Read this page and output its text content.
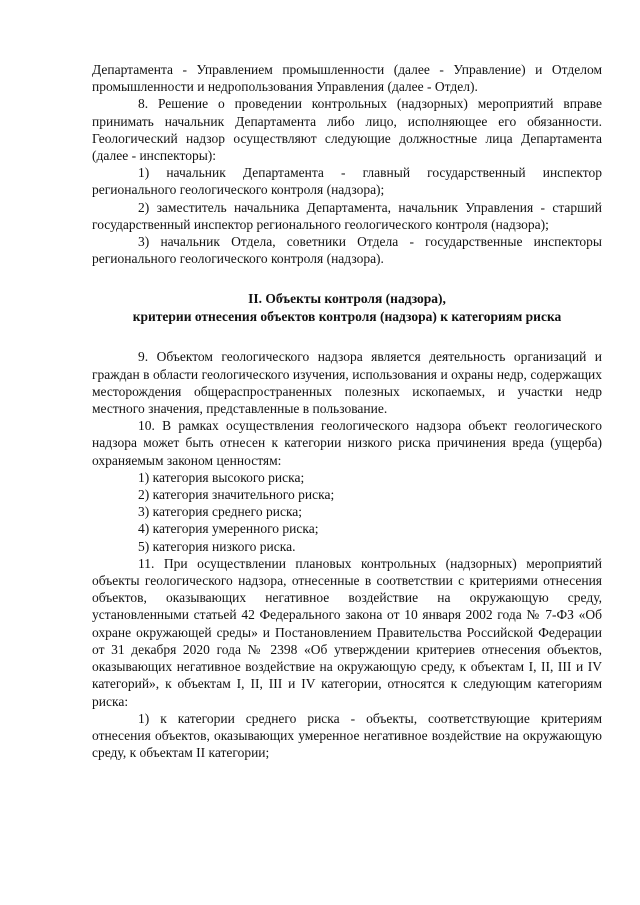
Департамента - Управлением промышленности (далее - Управление) и Отделом промышленности и недропользования Управления (далее - Отдел).

8. Решение о проведении контрольных (надзорных) мероприятий вправе принимать начальник Департамента либо лицо, исполняющее его обязанности. Геологический надзор осуществляют следующие должностные лица Департамента (далее - инспекторы):

1) начальник Департамента - главный государственный инспектор регионального геологического контроля (надзора);

2) заместитель начальника Департамента, начальник Управления - старший государственный инспектор регионального геологического контроля (надзора);

3) начальник Отдела, советники Отдела - государственные инспекторы регионального геологического контроля (надзора).

II. Объекты контроля (надзора),
критерии отнесения объектов контроля (надзора) к категориям риска

9. Объектом геологического надзора является деятельность организаций и граждан в области геологического изучения, использования и охраны недр, содержащих месторождения общераспространенных полезных ископаемых, и участки недр местного значения, представленные в пользование.

10. В рамках осуществления геологического надзора объект геологического надзора может быть отнесен к категории низкого риска причинения вреда (ущерба) охраняемым законом ценностям:

1) категория высокого риска;

2) категория значительного риска;

3) категория среднего риска;

4) категория умеренного риска;

5) категория низкого риска.

11. При осуществлении плановых контрольных (надзорных) мероприятий объекты геологического надзора, отнесенные в соответствии с критериями отнесения объектов, оказывающих негативное воздействие на окружающую среду, установленными статьей 42 Федерального закона от 10 января 2002 года № 7-ФЗ «Об охране окружающей среды» и Постановлением Правительства Российской Федерации от 31 декабря 2020 года № 2398 «Об утверждении критериев отнесения объектов, оказывающих негативное воздействие на окружающую среду, к объектам I, II, III и IV категорий», к объектам I, II, III и IV категории, относятся к следующим категориям риска:

1) к категории среднего риска - объекты, соответствующие критериям отнесения объектов, оказывающих умеренное негативное воздействие на окружающую среду, к объектам II категории;
